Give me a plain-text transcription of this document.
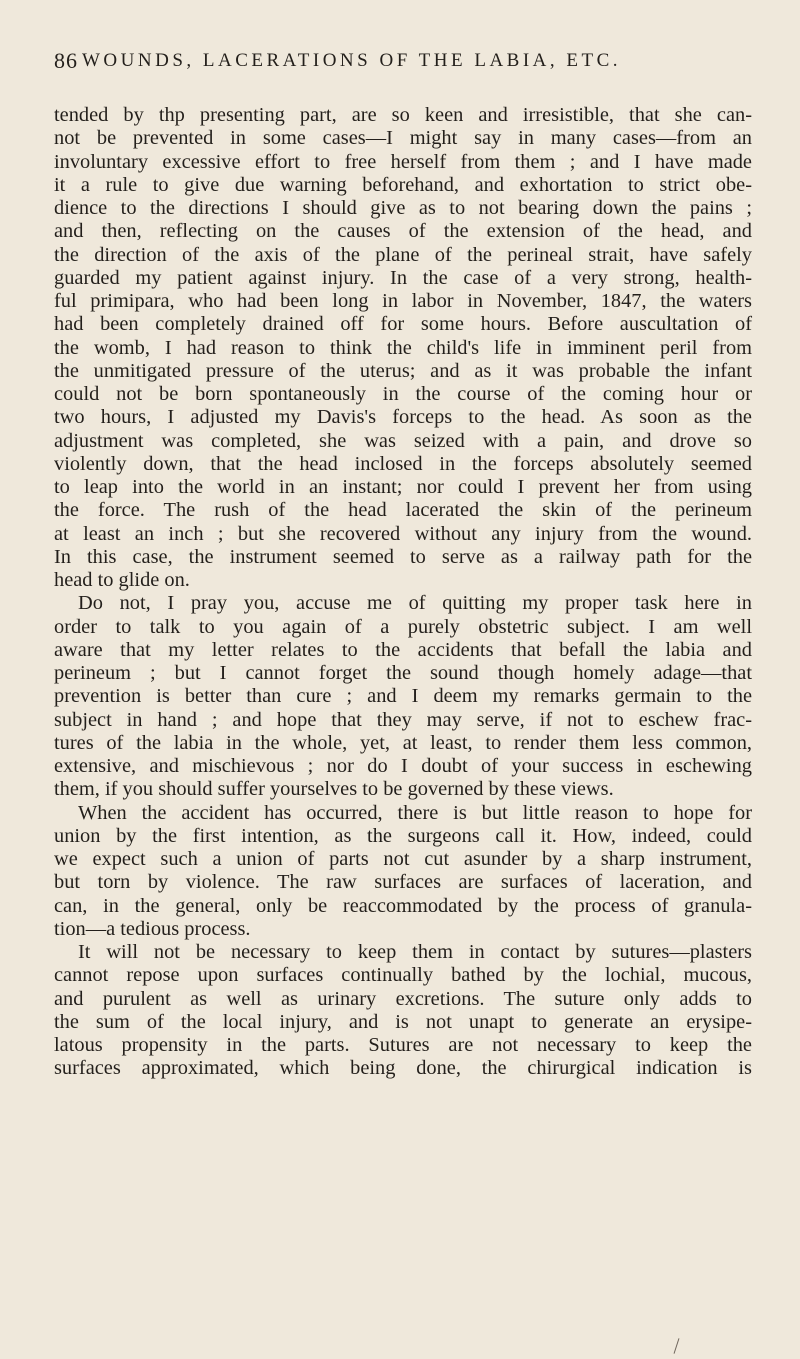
86 WOUNDS, LACERATIONS OF THE LABIA, ETC.
tended by thp presenting part, are so keen and irresistible, that she can-
not be prevented in some cases—I might say in many cases—from an
involuntary excessive effort to free herself from them ; and I have made
it a rule to give due warning beforehand, and exhortation to strict obe-
dience to the directions I should give as to not bearing down the pains ;
and then, reflecting on the causes of the extension of the head, and
the direction of the axis of the plane of the perineal strait, have safely
guarded my patient against injury. In the case of a very strong, health-
ful primipara, who had been long in labor in November, 1847, the waters
had been completely drained off for some hours. Before auscultation of
the womb, I had reason to think the child's life in imminent peril from
the unmitigated pressure of the uterus; and as it was probable the infant
could not be born spontaneously in the course of the coming hour or
two hours, I adjusted my Davis's forceps to the head. As soon as the
adjustment was completed, she was seized with a pain, and drove so
violently down, that the head inclosed in the forceps absolutely seemed
to leap into the world in an instant; nor could I prevent her from using
the force. The rush of the head lacerated the skin of the perineum
at least an inch ; but she recovered without any injury from the wound.
In this case, the instrument seemed to serve as a railway path for the
head to glide on.
Do not, I pray you, accuse me of quitting my proper task here in
order to talk to you again of a purely obstetric subject. I am well
aware that my letter relates to the accidents that befall the labia and
perineum ; but I cannot forget the sound though homely adage—that
prevention is better than cure ; and I deem my remarks germain to the
subject in hand ; and hope that they may serve, if not to eschew frac-
tures of the labia in the whole, yet, at least, to render them less common,
extensive, and mischievous ; nor do I doubt of your success in eschewing
them, if you should suffer yourselves to be governed by these views.
When the accident has occurred, there is but little reason to hope for
union by the first intention, as the surgeons call it. How, indeed, could
we expect such a union of parts not cut asunder by a sharp instrument,
but torn by violence. The raw surfaces are surfaces of laceration, and
can, in the general, only be reaccommodated by the process of granula-
tion—a tedious process.
It will not be necessary to keep them in contact by sutures—plasters
cannot repose upon surfaces continually bathed by the lochial, mucous,
and purulent as well as urinary excretions. The suture only adds to
the sum of the local injury, and is not unapt to generate an erysipe-
latous propensity in the parts. Sutures are not necessary to keep the
surfaces approximated, which being done, the chirurgical indication is
